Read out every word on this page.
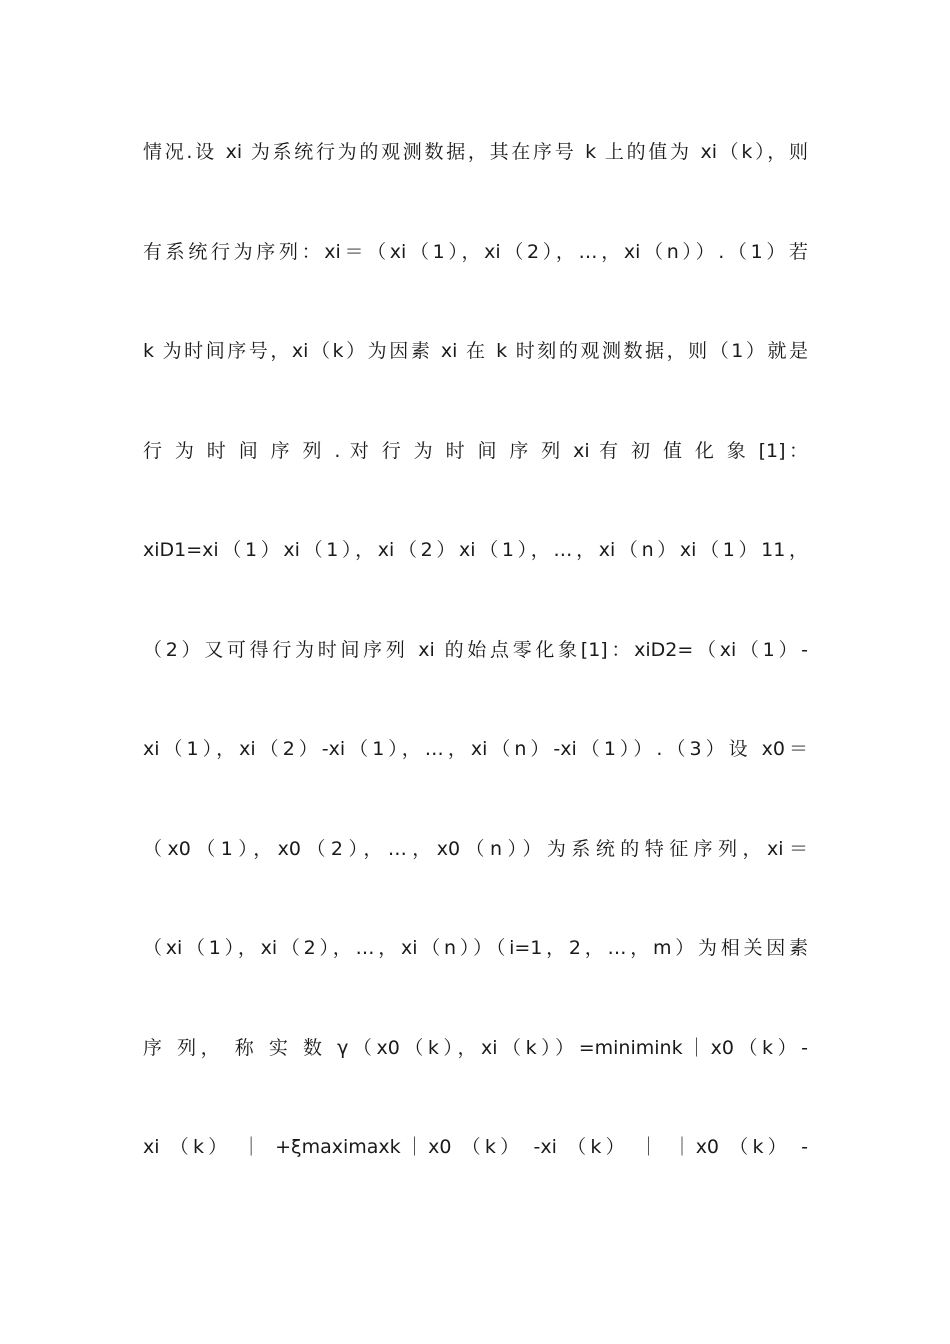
情况.设 xi 为系统行为的观测数据，其在序号 k 上的值为 xi（k），则
有系统行为序列：xi＝（xi（1），xi（2），…，xi（n））.（1）若
k 为时间序号，xi（k）为因素 xi 在 k 时刻的观测数据，则（1）就是
行 为 时 间 序 列 . 对 行 为 时 间 序 列 xi 有 初 值 化 象 [1]：
xiD1=xi（1）xi（1），xi（2）xi（1），…，xi（n）xi（1）11，
（2）又可得行为时间序列 xi 的始点零化象[1]：xiD2=（xi（1）-
xi（1），xi（2）-xi（1），…，xi（n）-xi（1））.（3）设 x0＝
（x0（1），x0（2），…，x0（n））为系统的特征序列，xi＝
（xi（1），xi（2），…，xi（n））（i=1，2，…，m）为相关因素
序 列， 称 实 数 γ（x0（k），xi（k））=minimink｜x0（k）-
xi （k） ｜ +ξmaximaxk｜x0 （k） -xi （k） ｜ ｜x0 （k） -
